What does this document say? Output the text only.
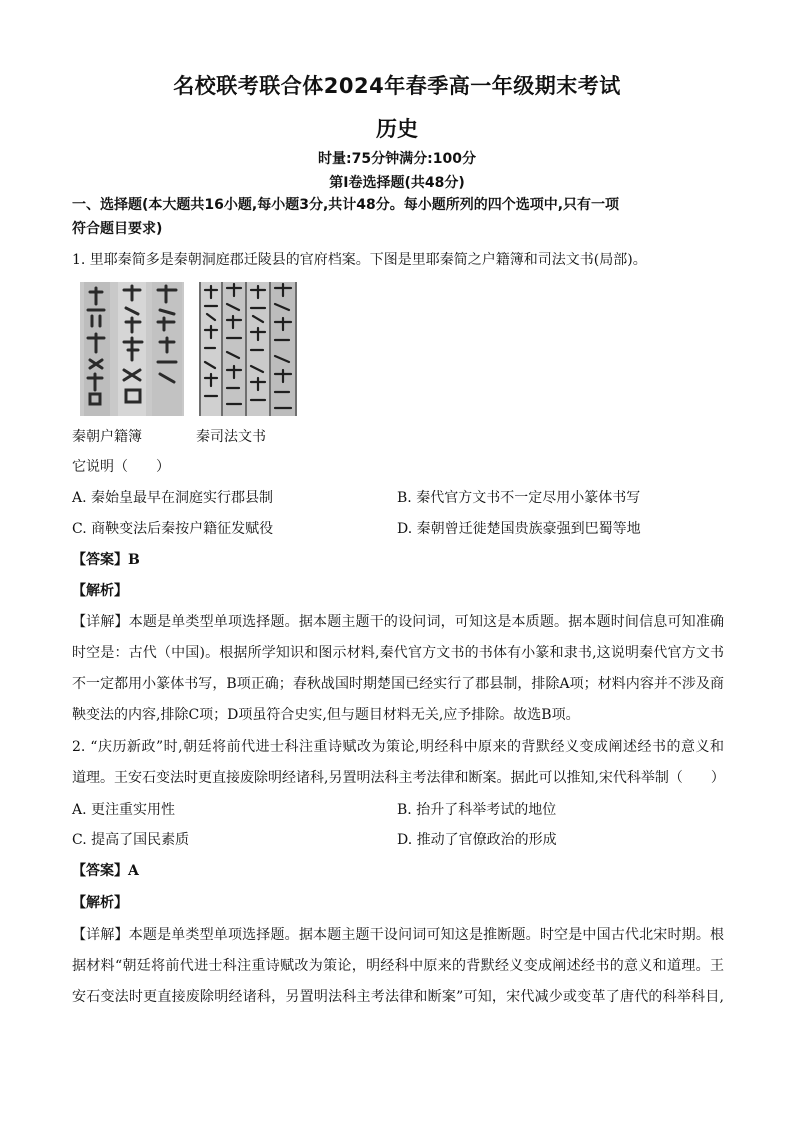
名校联考联合体2024年春季高一年级期末考试
历史
时量:75分钟满分:100分
第Ⅰ卷选择题(共48分)
一、选择题(本大题共16小题,每小题3分,共计48分。每小题所列的四个选项中,只有一项
符合题目要求)
1. 里耶秦简多是秦朝洞庭郡迁陵县的官府档案。下图是里耶秦简之户籍簿和司法文书(局部)。
秦朝户籍簿	秦司法文书
它说明（　　）
A. 秦始皇最早在洞庭实行郡县制	B. 秦代官方文书不一定尽用小篆体书写
C. 商鞅变法后秦按户籍征发赋役	D. 秦朝曾迁徙楚国贵族豪强到巴蜀等地
【答案】B
【解析】
【详解】本题是单类型单项选择题。据本题主题干的设问词，可知这是本质题。据本题时间信息可知准确
时空是：古代（中国)。根据所学知识和图示材料,秦代官方文书的书体有小篆和隶书,这说明秦代官方文书
不一定都用小篆体书写，B项正确；春秋战国时期楚国已经实行了郡县制，排除A项；材料内容并不涉及商
鞅变法的内容,排除C项；D项虽符合史实,但与题目材料无关,应予排除。故选B项。
2. “庆历新政”时,朝廷将前代进士科注重诗赋改为策论,明经科中原来的背默经义变成阐述经书的意义和
道理。王安石变法时更直接废除明经诸科,另置明法科主考法律和断案。据此可以推知,宋代科举制（　　）
A. 更注重实用性	B. 抬升了科举考试的地位
C. 提高了国民素质	D. 推动了官僚政治的形成
【答案】A
【解析】
【详解】本题是单类型单项选择题。据本题主题干设问词可知这是推断题。时空是中国古代北宋时期。根
据材料“朝廷将前代进士科注重诗赋改为策论，明经科中原来的背默经义变成阐述经书的意义和道理。王
安石变法时更直接废除明经诸科，另置明法科主考法律和断案”可知，宋代减少或变革了唐代的科举科目,
